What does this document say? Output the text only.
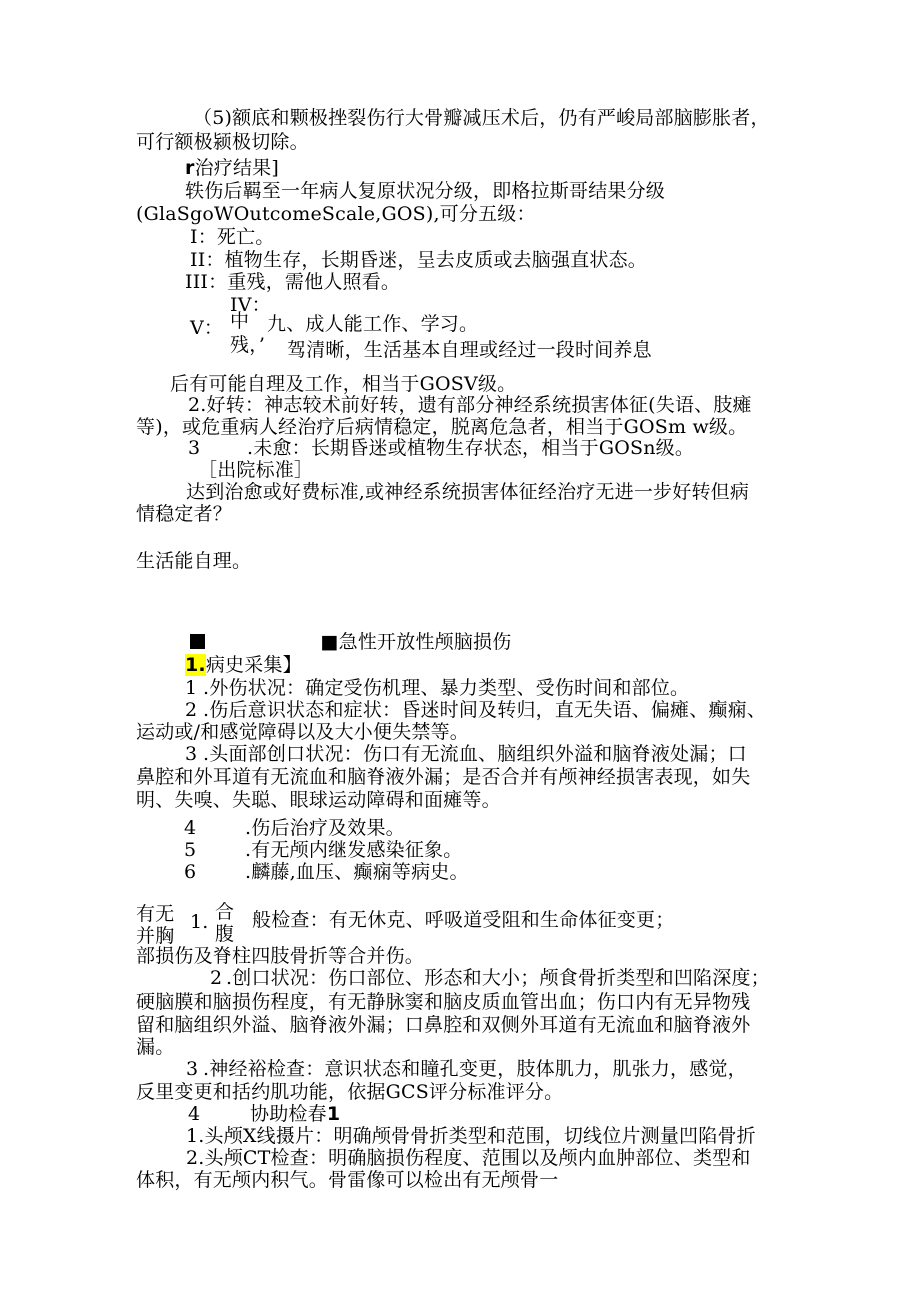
（5)额底和颗极挫裂伤行大骨瓣减压术后，仍有严峻局部脑膨胀者，
可行额极颍极切除。
r治疗结果]
轶伤后羁至一年病人复原状况分级，即格拉斯哥结果分级
(GlaSgoWOutcomeScale,GOS),可分五级：
I：死亡。
II：植物生存，长期昏迷，呈去皮质或去脑强直状态。
III：重残，需他人照看。
IV：
V： 中 九、成人能工作、学习。
残，’ 驾清晰，生活基本自理或经过一段时间养息
后有可能自理及工作，相当于GOSV级。
2.好转：神志较术前好转，遗有部分神经系统损害体征(失语、肢瘫
等)，或危重病人经治疗后病情稳定，脱离危急者，相当于GOSm w级。
3 .未愈：长期昏迷或植物生存状态，相当于GOSn级。
［出院标准］
达到治愈或好费标准,或神经系统损害体征经治疗无进一步好转但病
情稳定者？
生活能自理。
■急性开放性颅脑损伤
1.病史采集】
1 .外伤状况：确定受伤机理、暴力类型、受伤时间和部位。
2 .伤后意识状态和症状：昏迷时间及转归，直无失语、偏瘫、癫痫、
运动或/和感觉障碍以及大小便失禁等。
3 .头面部创口状况：伤口有无流血、脑组织外溢和脑脊液处漏；口
鼻腔和外耳道有无流血和脑脊液外漏；是否合并有颅神经损害表现，如失
明、失嗅、失聪、眼球运动障碍和面瘫等。
4	.伤后治疗及效果。
5	.有无颅内继发感染征象。
6	.麟藤,血压、癫痫等病史。
有无
并胸
1. 合
腹
般检查：有无休克、呼吸道受阻和生命体征变更；
部损伤及脊柱四肢骨折等合并伤。
2 .创口状况：伤口部位、形态和大小；颅食骨折类型和凹陷深度；
硬脑膜和脑损伤程度，有无静脉窦和脑皮质血管出血；伤口内有无异物残
留和脑组织外溢、脑脊液外漏；口鼻腔和双侧外耳道有无流血和脑脊液外
漏。
3 .神经裕检查：意识状态和瞳孔变更，肢体肌力，肌张力，感觉，
反里变更和括约肌功能，依据GCS评分标准评分。
4	协助检春1
1.头颅X线摄片：明确颅骨骨折类型和范围，切线位片测量凹陷骨折
2.头颅CT检查：明确脑损伤程度、范围以及颅内血肿部位、类型和
体积，有无颅内积气。骨雷像可以检出有无颅骨一
